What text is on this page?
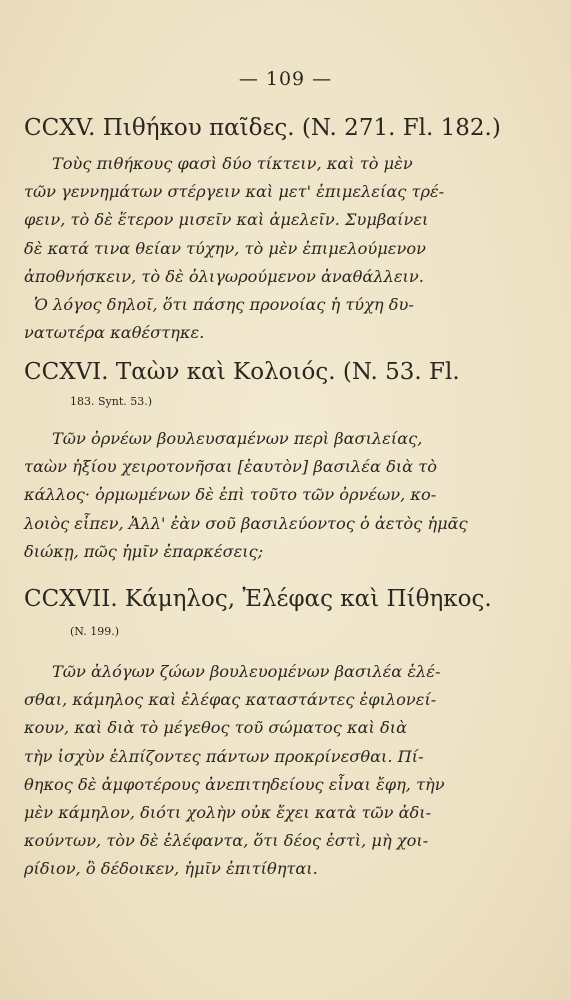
— 109 —
CCXV. Πιθήκου παῖδες. (N. 271. Fl. 182.)
Τοὺς πιθήκους φασὶ δύο τίκτειν, καὶ τὸ μὲν
τῶν γεννημάτων στέργειν καὶ μετ' ἐπιμελείας τρέ-
φειν, τὸ δὲ ἕτερον μισεῖν καὶ ἀμελεῖν. Συμβαίνει
δὲ κατά τινα θείαν τύχην, τὸ μὲν ἐπιμελούμενον
ἀποθνήσκειν, τὸ δὲ ὀλιγωρούμενον ἀναθάλλειν.
Ὁ λόγος δηλοῖ, ὅτι πάσης προνοίας ἡ τύχη δυ-
νατωτέρα καθέστηκε.
CCXVI. Ταὼν καὶ Κολοιός. (N. 53. Fl.
183. Synt. 53.)
Τῶν ὀρνέων βουλευσαμένων περὶ βασιλείας,
ταὼν ἠξίου χειροτονῆσαι [ἑαυτὸν] βασιλέα διὰ τὸ
κάλλος· ὁρμωμένων δὲ ἐπὶ τοῦτο τῶν ὀρνέων, κο-
λοιὸς εἶπεν, Ἀλλ' ἐὰν σοῦ βασιλεύοντος ὁ ἀετὸς ἡμᾶς
διώκῃ, πῶς ἡμῖν ἐπαρκέσεις;
CCXVII. Κάμηλος, Ἐλέφας καὶ Πίθηκος.
(N. 199.)
Τῶν ἀλόγων ζώων βουλευομένων βασιλέα ἑλέ-
σθαι, κάμηλος καὶ ἐλέφας καταστάντες ἐφιλονεί-
κουν, καὶ διὰ τὸ μέγεθος τοῦ σώματος καὶ διὰ
τὴν ἰσχὺν ἐλπίζοντες πάντων προκρίνεσθαι. Πί-
θηκος δὲ ἀμφοτέρους ἀνεπιτηδείους εἶναι ἔφη, τὴν
μὲν κάμηλον, διότι χολὴν οὐκ ἔχει κατὰ τῶν ἀδι-
κούντων, τὸν δὲ ἐλέφαντα, ὅτι δέος ἐστὶ, μὴ χοι-
ρίδιον, ὃ δέδοικεν, ἡμῖν ἐπιτίθηται.
